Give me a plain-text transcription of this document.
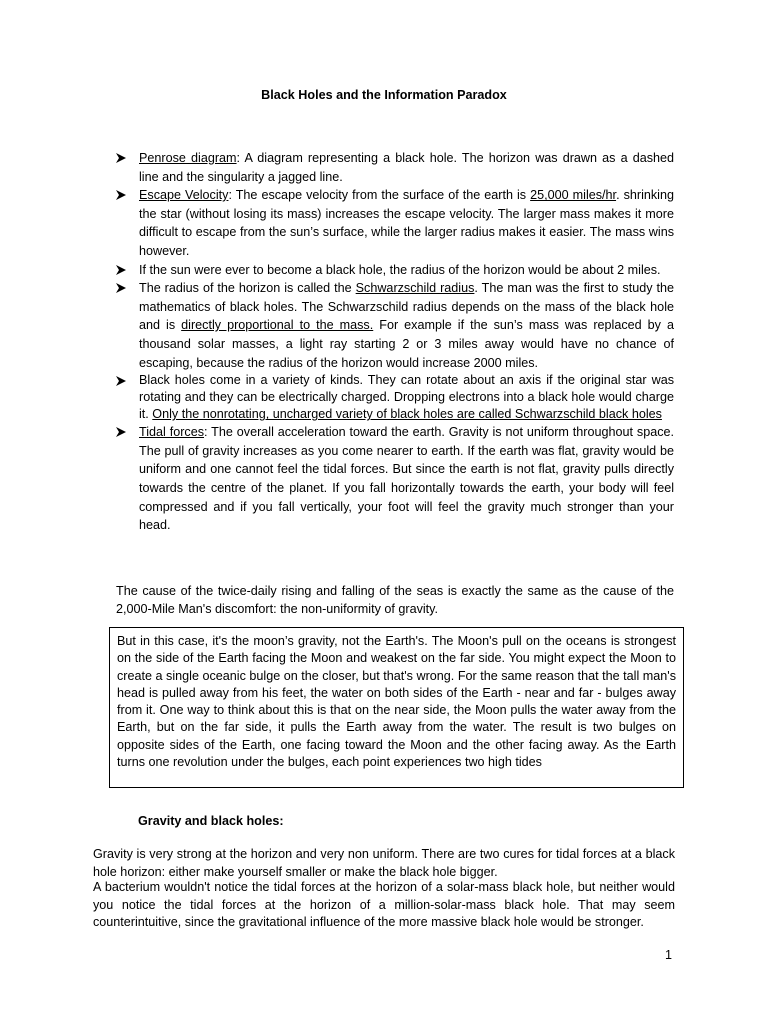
Black Holes and the Information Paradox
Penrose diagram: A diagram representing a black hole. The horizon was drawn as a dashed line and the singularity a jagged line.
Escape Velocity: The escape velocity from the surface of the earth is 25,000 miles/hr. shrinking the star (without losing its mass) increases the escape velocity. The larger mass makes it more difficult to escape from the sun’s surface, while the larger radius makes it easier. The mass wins however.
If the sun were ever to become a black hole, the radius of the horizon would be about 2 miles.
The radius of the horizon is called the Schwarzschild radius. The man was the first to study the mathematics of black holes. The Schwarzschild radius depends on the mass of the black hole and is directly proportional to the mass. For example if the sun’s mass was replaced by a thousand solar masses, a light ray starting 2 or 3 miles away would have no chance of escaping, because the radius of the horizon would increase 2000 miles.
Black holes come in a variety of kinds. They can rotate about an axis if the original star was rotating and they can be electrically charged. Dropping electrons into a black hole would charge it. Only the nonrotating, uncharged variety of black holes are called Schwarzschild black holes
Tidal forces: The overall acceleration toward the earth. Gravity is not uniform throughout space. The pull of gravity increases as you come nearer to earth. If the earth was flat, gravity would be uniform and one cannot feel the tidal forces. But since the earth is not flat, gravity pulls directly towards the centre of the planet. If you fall horizontally towards the earth, your body will feel compressed and if you fall vertically, your foot will feel the gravity much stronger than your head.

The cause of the twice-daily rising and falling of the seas is exactly the same as the cause of the 2,000-Mile Man's discomfort: the non-uniformity of gravity.

But in this case, it's the moon’s gravity, not the Earth's. The Moon's pull on the oceans is strongest on the side of the Earth facing the Moon and weakest on the far side. You might expect the Moon to create a single oceanic bulge on the closer, but that's wrong. For the same reason that the tall man's head is pulled away from his feet, the water on both sides of the Earth - near and far - bulges away from it. One way to think about this is that on the near side, the Moon pulls the water away from the Earth, but on the far side, it pulls the Earth away from the water. The result is two bulges on opposite sides of the Earth, one facing toward the Moon and the other facing away. As the Earth turns one revolution under the bulges, each point experiences two high tides
Gravity and black holes:

Gravity is very strong at the horizon and very non uniform. There are two cures for tidal forces at a black hole horizon: either make yourself smaller or make the black hole bigger.

A bacterium wouldn't notice the tidal forces at the horizon of a solar-mass black hole, but neither would you notice the tidal forces at the horizon of a million-solar-mass black hole. That may seem counterintuitive, since the gravitational influence of the more massive black hole would be stronger.

1
